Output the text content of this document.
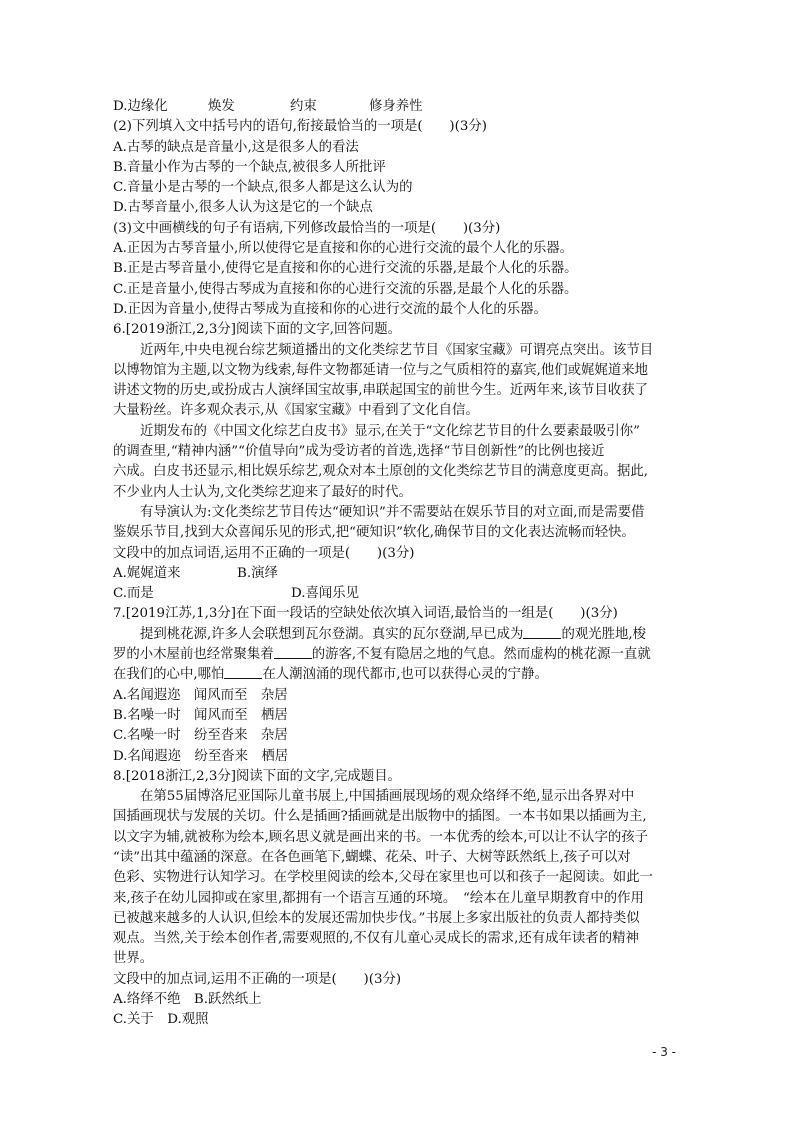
D.边缘化	焕发	约束	修身养性
(2)下列填入文中括号内的语句,衔接最恰当的一项是(　　)(3分)
A.古琴的缺点是音量小,这是很多人的看法
B.音量小作为古琴的一个缺点,被很多人所批评
C.音量小是古琴的一个缺点,很多人都是这么认为的
D.古琴音量小,很多人认为这是它的一个缺点
(3)文中画横线的句子有语病,下列修改最恰当的一项是(　　)(3分)
A.正因为古琴音量小,所以使得它是直接和你的心进行交流的最个人化的乐器。
B.正是古琴音量小,使得它是直接和你的心进行交流的乐器,是最个人化的乐器。
C.正是音量小,使得古琴成为直接和你的心进行交流的乐器,是最个人化的乐器。
D.正因为音量小,使得古琴成为直接和你的心进行交流的最个人化的乐器。
6.[2019浙江,2,3分]阅读下面的文字,回答问题。
近两年,中央电视台综艺频道播出的文化类综艺节目《国家宝藏》可谓亮点突出。该节目
以博物馆为主题,以文物为线索,每件文物都延请一位与之气质相符的嘉宾,他们或娓娓道来地
讲述文物的历史,或扮成古人演绎国宝故事,串联起国宝的前世今生。近两年来,该节目收获了
大量粉丝。许多观众表示,从《国家宝藏》中看到了文化自信。
近期发布的《中国文化综艺白皮书》显示,在关于“文化综艺节目的什么要素最吸引你”
的调查里,“精神内涵”“价值导向”成为受访者的首选,选择“节目创新性”的比例也接近
六成。白皮书还显示,相比娱乐综艺,观众对本土原创的文化类综艺节目的满意度更高。据此,
不少业内人士认为,文化类综艺迎来了最好的时代。
有导演认为:文化类综艺节目传达“硬知识”并不需要站在娱乐节目的对立面,而是需要借
鉴娱乐节目,找到大众喜闻乐见的形式,把“硬知识”软化,确保节目的文化表达流畅而轻快。
文段中的加点词语,运用不正确的一项是(　　)(3分)
A.娓娓道来	B.演绎
C.而是	D.喜闻乐见
7.[2019江苏,1,3分]在下面一段话的空缺处依次填入词语,最恰当的一组是(　　)(3分)
提到桃花源,许多人会联想到瓦尔登湖。真实的瓦尔登湖,早已成为	的观光胜地,梭
罗的小木屋前也经常聚集着	的游客,不复有隐居之地的气息。然而虚构的桃花源一直就
在我们的心中,哪怕	在人潮汹涌的现代都市,也可以获得心灵的宁静。
A.名闻遐迩　闻风而至　杂居
B.名噪一时　闻风而至　栖居
C.名噪一时　纷至沓来　杂居
D.名闻遐迩　纷至沓来　栖居
8.[2018浙江,2,3分]阅读下面的文字,完成题目。
在第55届博洛尼亚国际儿童书展上,中国插画展现场的观众络绎不绝,显示出各界对中
国插画现状与发展的关切。什么是插画?插画就是出版物中的插图。一本书如果以插画为主,
以文字为辅,就被称为绘本,顾名思义就是画出来的书。一本优秀的绘本,可以让不认字的孩子
“读”出其中蕴涵的深意。在各色画笔下,蝴蝶、花朵、叶子、大树等跃然纸上,孩子可以对
色彩、实物进行认知学习。在学校里阅读的绘本,父母在家里也可以和孩子一起阅读。如此一
来,孩子在幼儿园抑或在家里,都拥有一个语言互通的环境。　“绘本在儿童早期教育中的作用
已被越来越多的人认识,但绘本的发展还需加快步伐。”书展上多家出版社的负责人都持类似
观点。当然,关于绘本创作者,需要观照的,不仅有儿童心灵成长的需求,还有成年读者的精神
世界。
文段中的加点词,运用不正确的一项是(　　)(3分)
A.络绎不绝　B.跃然纸上
C.关于　D.观照
- 3 -
